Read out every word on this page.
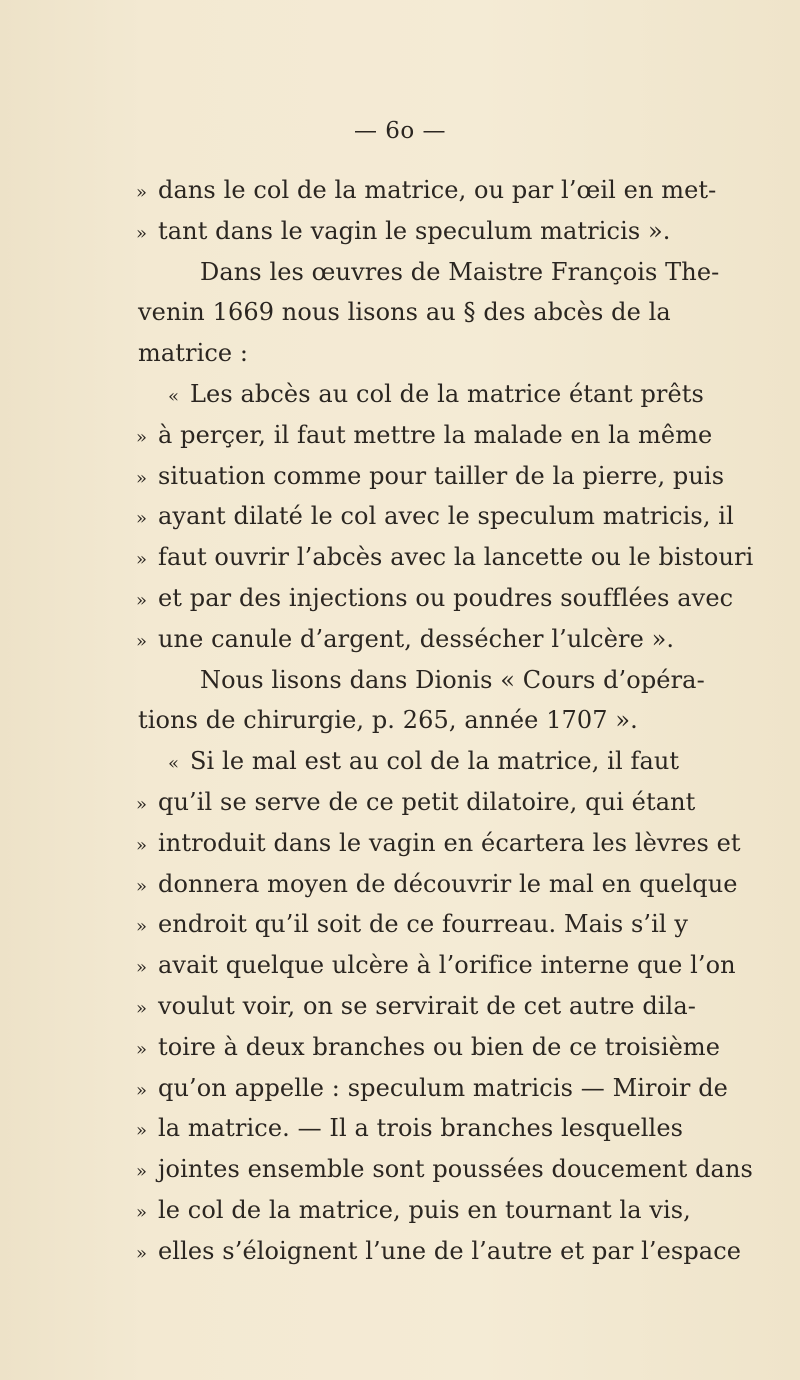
— 6o —
» dans le col de la matrice, ou par l’œil en met-
» tant dans le vagin le speculum matricis ».
Dans les œuvres de Maistre François The-
venin 1669 nous lisons au § des abcès de la
matrice :
« Les abcès au col de la matrice étant prêts
» à perçer, il faut mettre la malade en la même
» situation comme pour tailler de la pierre, puis
» ayant dilaté le col avec le speculum matricis, il
» faut ouvrir l’abcès avec la lancette ou le bistouri
» et par des injections ou poudres soufflées avec
» une canule d’argent, dessécher l’ulcère ».
Nous lisons dans Dionis « Cours d’opéra-
tions de chirurgie, p. 265, année 1707 ».
« Si le mal est au col de la matrice, il faut
» qu’il se serve de ce petit dilatoire, qui étant
» introduit dans le vagin en écartera les lèvres et
» donnera moyen de découvrir le mal en quelque
» endroit qu’il soit de ce fourreau. Mais s’il y
» avait quelque ulcère à l’orifice interne que l’on
» voulut voir, on se servirait de cet autre dila-
» toire à deux branches ou bien de ce troisième
» qu’on appelle : speculum matricis — Miroir de
» la matrice. — Il a trois branches lesquelles
» jointes ensemble sont poussées doucement dans
» le col de la matrice, puis en tournant la vis,
» elles s’éloignent l’une de l’autre et par l’espace
